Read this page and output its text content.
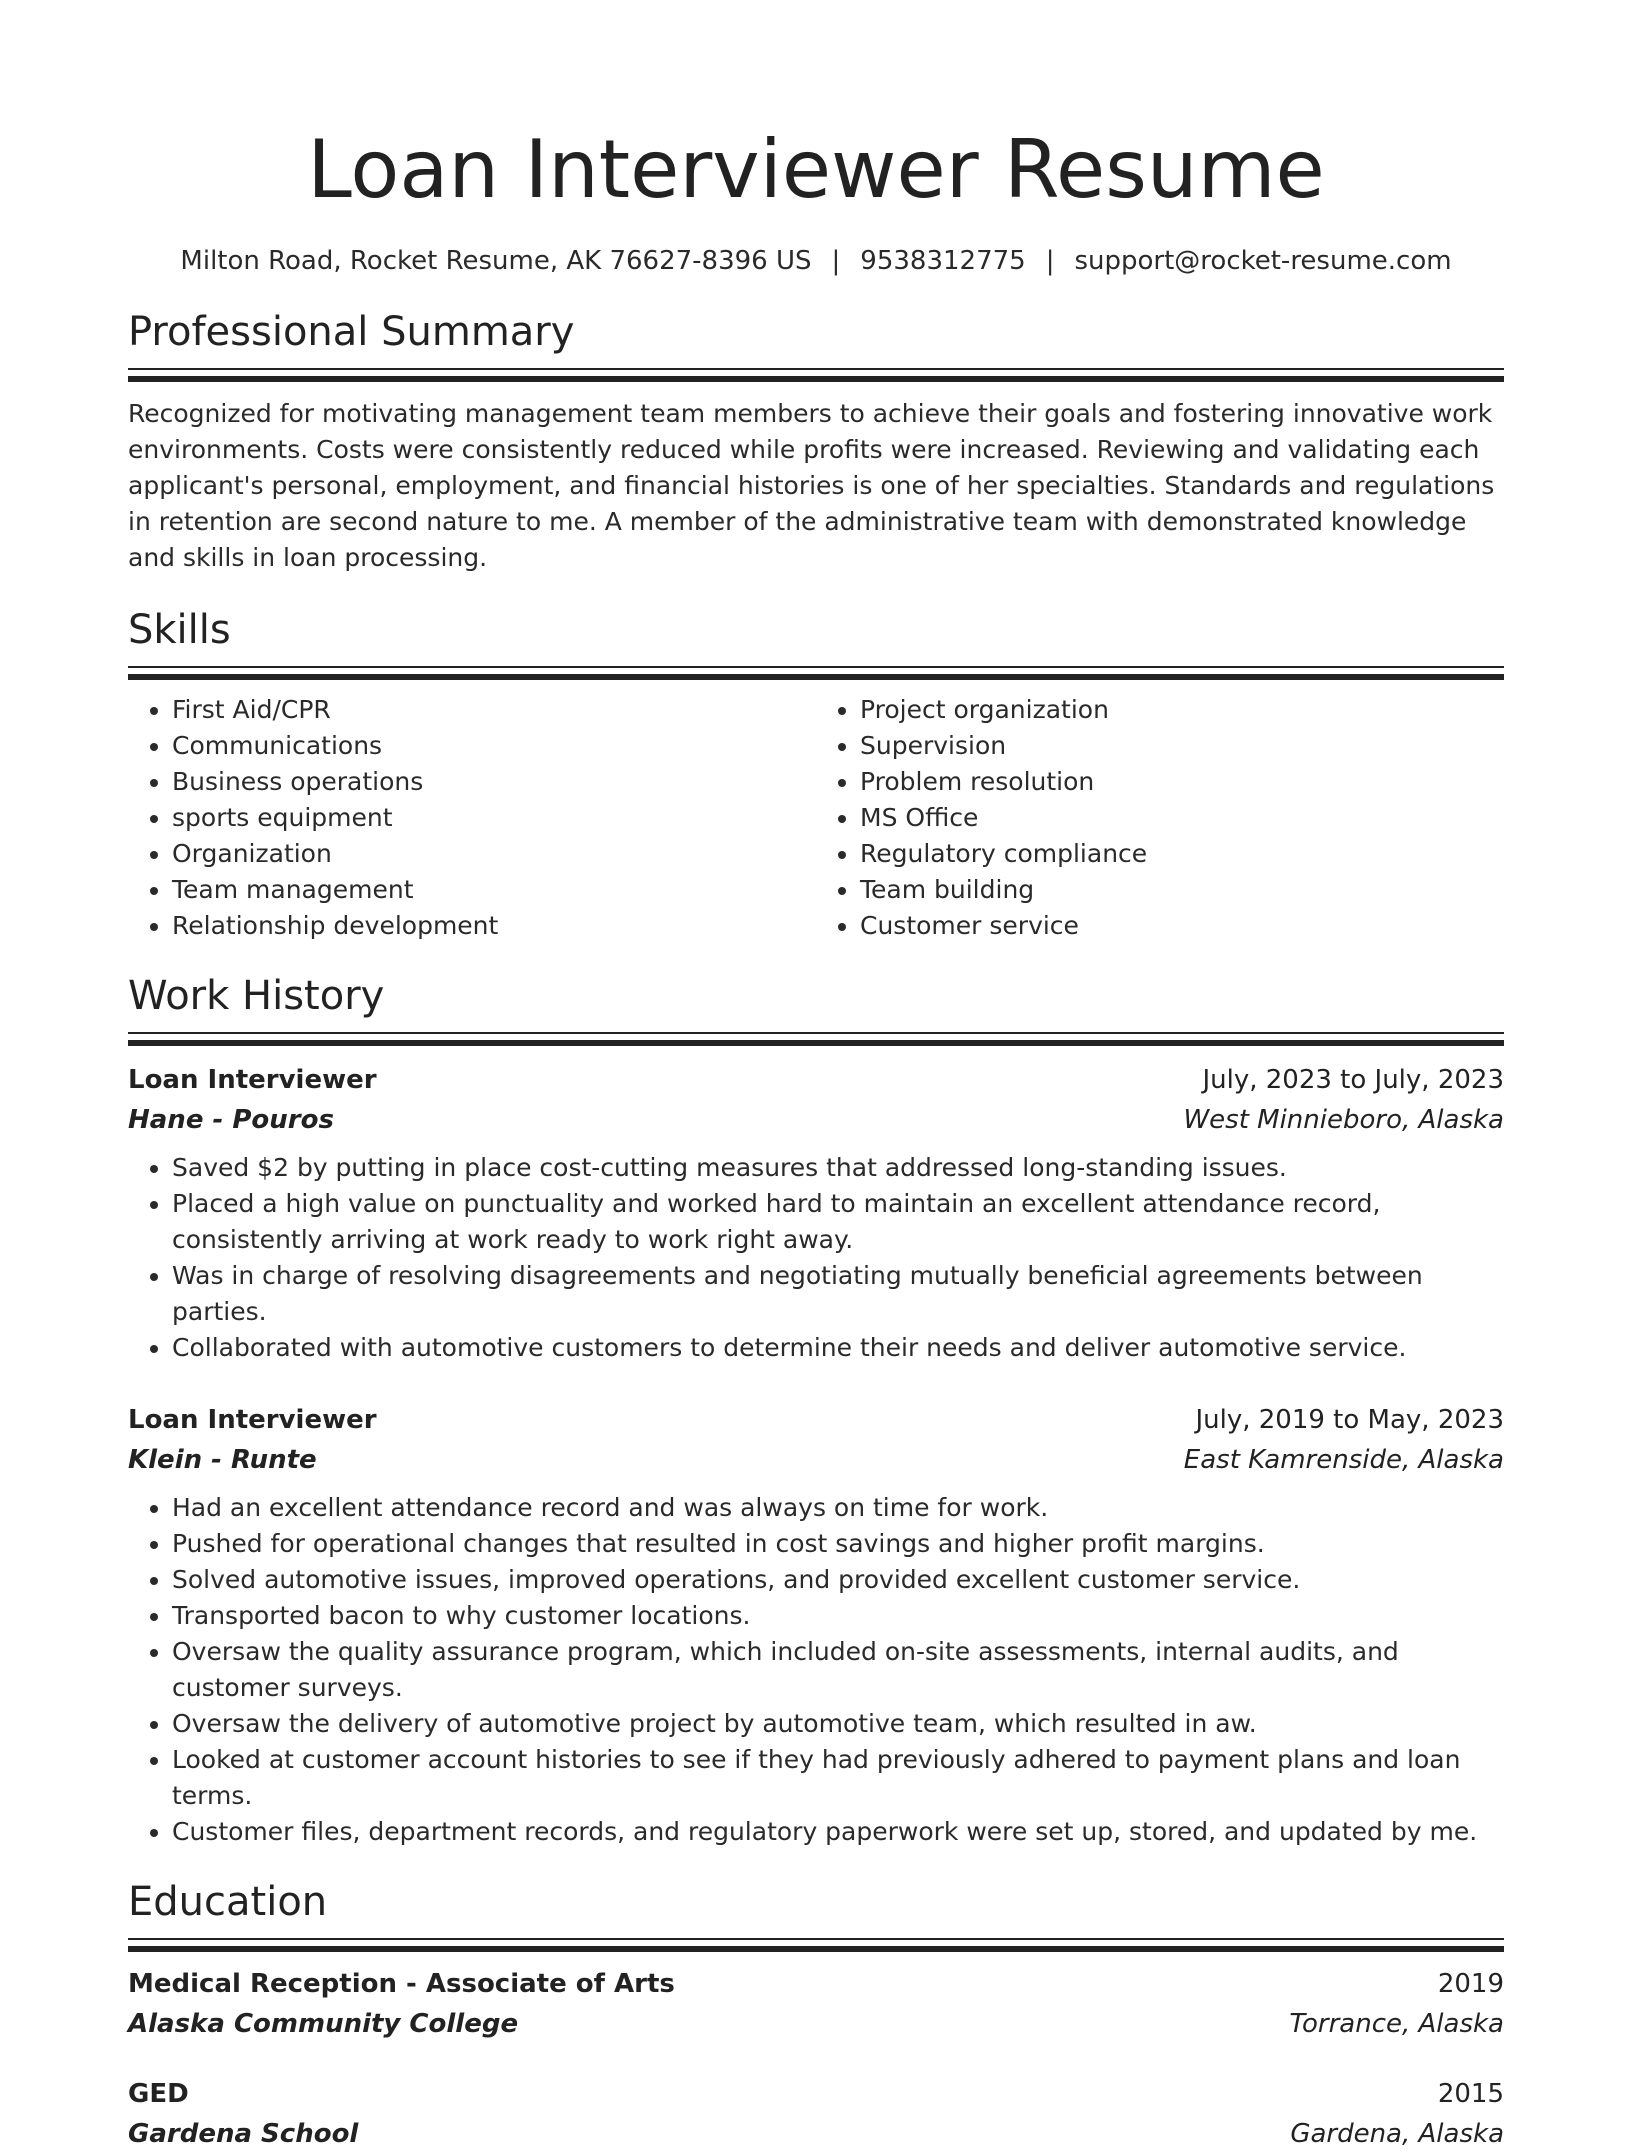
Loan Interviewer Resume
Milton Road, Rocket Resume, AK 76627-8396 US | 9538312775 | support@rocket-resume.com
Professional Summary

Recognized for motivating management team members to achieve their goals and fostering innovative work environments. Costs were consistently reduced while profits were increased. Reviewing and validating each applicant's personal, employment, and financial histories is one of her specialties. Standards and regulations in retention are second nature to me. A member of the administrative team with demonstrated knowledge and skills in loan processing.

Skills
• First Aid/CPR
• Communications
• Business operations
• sports equipment
• Organization
• Team management
• Relationship development
• Project organization
• Supervision
• Problem resolution
• MS Office
• Regulatory compliance
• Team building
• Customer service
Work History
Loan Interviewer	July, 2023 to July, 2023
Hane - Pouros	West Minnieboro, Alaska
• Saved $2 by putting in place cost-cutting measures that addressed long-standing issues.
• Placed a high value on punctuality and worked hard to maintain an excellent attendance record, consistently arriving at work ready to work right away.
• Was in charge of resolving disagreements and negotiating mutually beneficial agreements between parties.
• Collaborated with automotive customers to determine their needs and deliver automotive service.
Loan Interviewer	July, 2019 to May, 2023
Klein - Runte	East Kamrenside, Alaska
• Had an excellent attendance record and was always on time for work.
• Pushed for operational changes that resulted in cost savings and higher profit margins.
• Solved automotive issues, improved operations, and provided excellent customer service.
• Transported bacon to why customer locations.
• Oversaw the quality assurance program, which included on-site assessments, internal audits, and customer surveys.
• Oversaw the delivery of automotive project by automotive team, which resulted in aw.
• Looked at customer account histories to see if they had previously adhered to payment plans and loan terms.
• Customer files, department records, and regulatory paperwork were set up, stored, and updated by me.
Education
Medical Reception - Associate of Arts	2019
Alaska Community College	Torrance, Alaska
GED	2015
Gardena School	Gardena, Alaska
